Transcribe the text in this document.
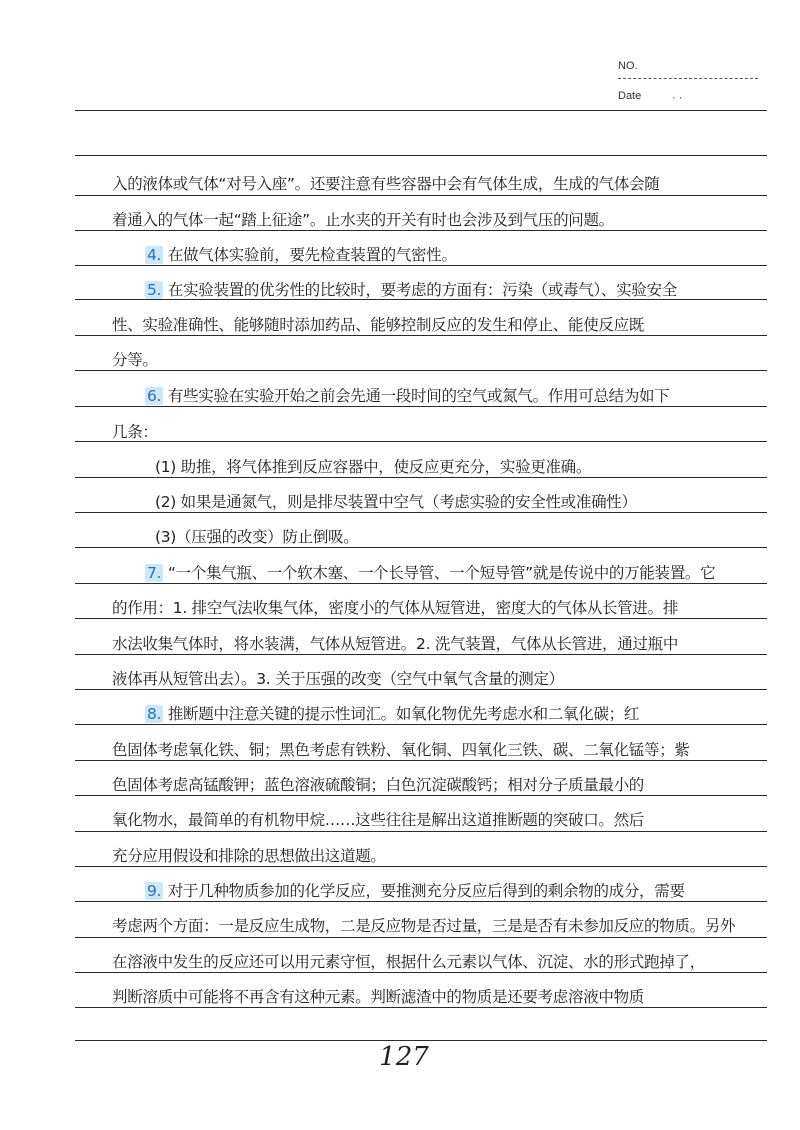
NO.
Date	· ·
入的液体或气体“对号入座”。还要注意有些容器中会有气体生成，生成的气体会随
着通入的气体一起“踏上征途”。止水夹的开关有时也会涉及到气压的问题。
4. 在做气体实验前，要先检查装置的气密性。
5. 在实验装置的优劣性的比较时，要考虑的方面有：污染（或毒气）、实验安全
性、实验准确性、能够随时添加药品、能够控制反应的发生和停止、能使反应既
分等。
6. 有些实验在实验开始之前会先通一段时间的空气或氮气。作用可总结为如下
几条：
(1) 助推，将气体推到反应容器中，使反应更充分，实验更准确。
(2) 如果是通氮气，则是排尽装置中空气（考虑实验的安全性或准确性）
(3)（压强的改变）防止倒吸。
7. “一个集气瓶、一个软木塞、一个长导管、一个短导管”就是传说中的万能装置。它
的作用：1. 排空气法收集气体，密度小的气体从短管进，密度大的气体从长管进。排
水法收集气体时，将水装满，气体从短管进。2. 洗气装置，气体从长管进，通过瓶中
液体再从短管出去）。3. 关于压强的改变（空气中氧气含量的测定）
8. 推断题中注意关键的提示性词汇。如氧化物优先考虑水和二氧化碳；红
色固体考虑氧化铁、铜；黑色考虑有铁粉、氧化铜、四氧化三铁、碳、二氧化锰等；紫
色固体考虑高锰酸钾；蓝色溶液硫酸铜；白色沉淀碳酸钙；相对分子质量最小的
氧化物水，最简单的有机物甲烷……这些往往是解出这道推断题的突破口。然后
充分应用假设和排除的思想做出这道题。
9. 对于几种物质参加的化学反应，要推测充分反应后得到的剩余物的成分，需要
考虑两个方面：一是反应生成物，二是反应物是否过量，三是是否有未参加反应的物质。另外
在溶液中发生的反应还可以用元素守恒，根据什么元素以气体、沉淀、水的形式跑掉了，
判断溶质中可能将不再含有这种元素。判断滤渣中的物质是还要考虑溶液中物质
127
